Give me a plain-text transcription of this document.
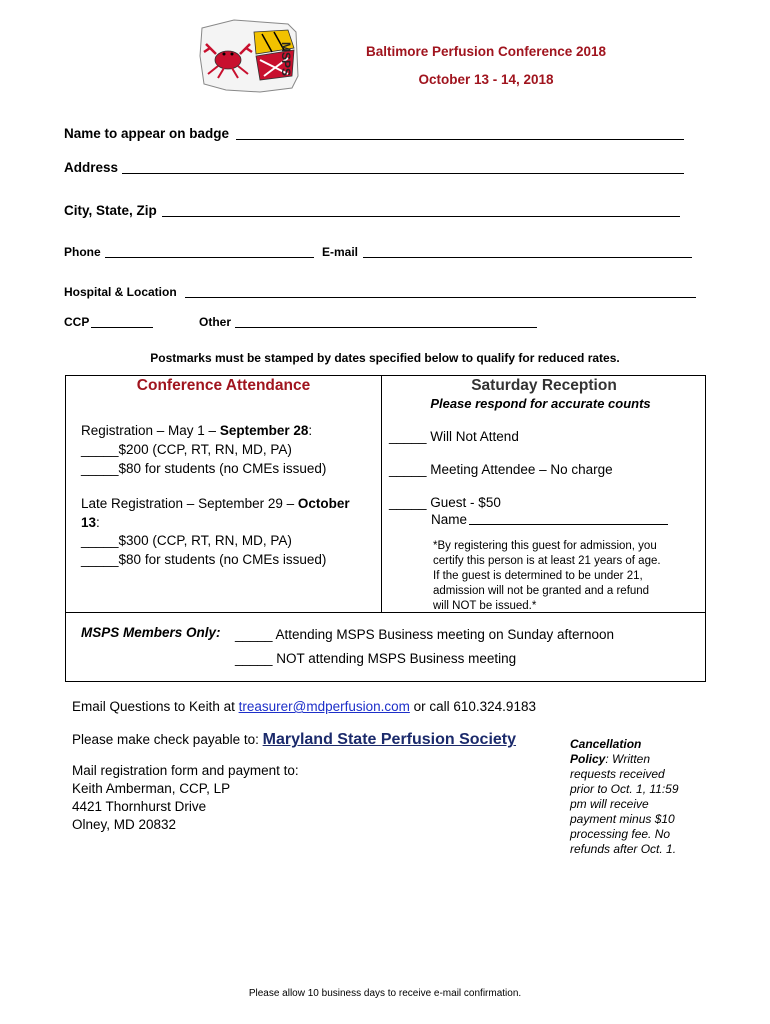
MSPS	Baltimore Perfusion Conference 2018
October 13 - 14, 2018
Name to appear on badge
Address
City, State, Zip
Phone	E-mail
Hospital & Location
CCP	Other
Postmarks must be stamped by dates specified below to qualify for reduced rates.
Conference Attendance
Registration – May 1 – September 28:
_____$200 (CCP, RT, RN, MD, PA)
_____$80 for students (no CMEs issued)
Late Registration – September 29 – October
13:
_____$300 (CCP, RT, RN, MD, PA)
_____$80 for students (no CMEs issued)
Saturday Reception
Please respond for accurate counts
_____ Will Not Attend
_____ Meeting Attendee – No charge
_____ Guest - $50
Name
*By registering this guest for admission, you
certify this person is at least 21 years of age.
If the guest is determined to be under 21,
admission will not be granted and a refund
will NOT be issued.*
MSPS Members Only: _____ Attending MSPS Business meeting on Sunday afternoon
_____ NOT attending MSPS Business meeting
Email Questions to Keith at treasurer@mdperfusion.com or call 610.324.9183
Please make check payable to: Maryland State Perfusion Society
Mail registration form and payment to:
Keith Amberman, CCP, LP
4421 Thornhurst Drive
Olney, MD 20832
Cancellation
Policy: Written
requests received
prior to Oct. 1, 11:59
pm will receive
payment minus $10
processing fee. No
refunds after Oct. 1.
Please allow 10 business days to receive e-mail confirmation.
